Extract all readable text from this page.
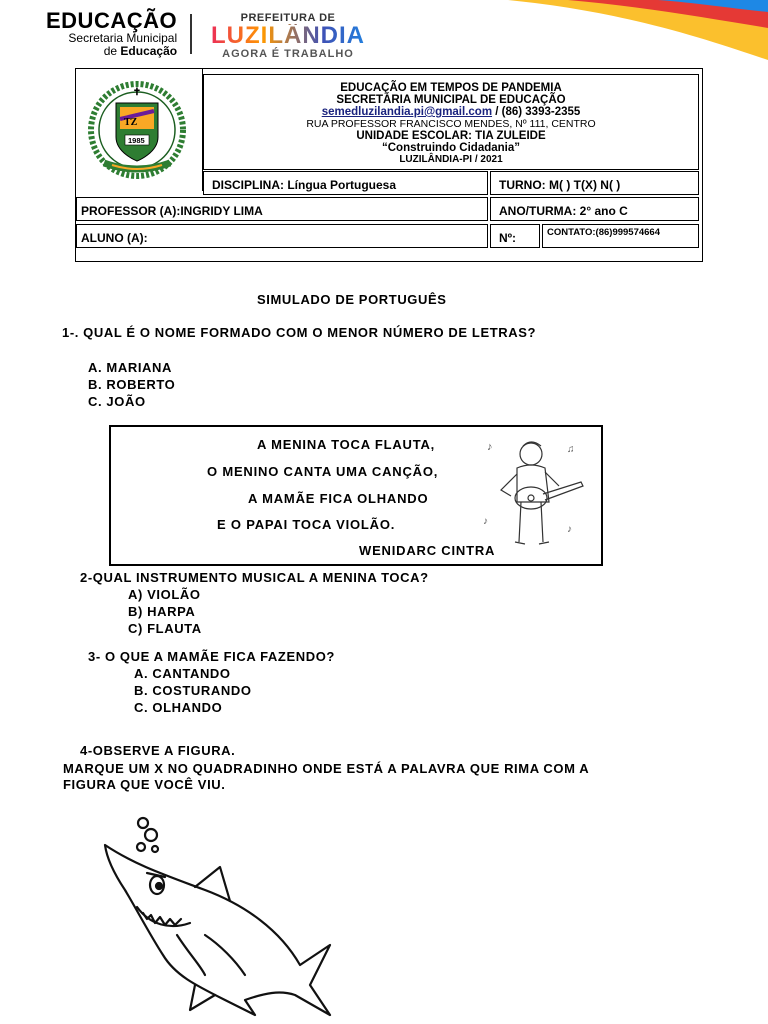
EDUCAÇÃO
Secretaria Municipal
de Educação
PREFEITURA DE
LUZILÂNDIA
AGORA É TRABALHO
TZ
1985
✝	EDUCAÇÃO EM TEMPOS DE PANDEMIA
SECRETÁRIA MUNICIPAL DE EDUCAÇÃO
semedluzilandia.pi@gmail.com / (86) 3393-2355
RUA PROFESSOR FRANCISCO MENDES, Nº 111, CENTRO
UNIDADE ESCOLAR: TIA ZULEIDE
“Construindo Cidadania”
LUZILÂNDIA-PI / 2021
DISCIPLINA: Língua Portuguesa	TURNO: M( ) T(X) N( )
PROFESSOR (A):INGRIDY LIMA	ANO/TURMA: 2° ano C
ALUNO (A):	Nº:	CONTATO:(86)999574664
SIMULADO DE PORTUGUÊS
1-. QUAL É O NOME FORMADO COM O MENOR NÚMERO DE LETRAS?
A. MARIANA
B. ROBERTO
C. JOÃO
A MENINA TOCA FLAUTA,
O MENINO CANTA UMA CANÇÃO,
A MAMÃE FICA OLHANDO
E O PAPAI TOCA VIOLÃO.
WENIDARC CINTRA
♪	♫
♪
♪
2-QUAL INSTRUMENTO MUSICAL A MENINA TOCA?
A) VIOLÃO
B) HARPA
C) FLAUTA
3- O QUE A MAMÃE FICA FAZENDO?
A. CANTANDO
B. COSTURANDO
C. OLHANDO
4-OBSERVE A FIGURA.
MARQUE UM X NO QUADRADINHO ONDE ESTÁ A PALAVRA QUE RIMA COM A
FIGURA QUE VOCÊ VIU.
